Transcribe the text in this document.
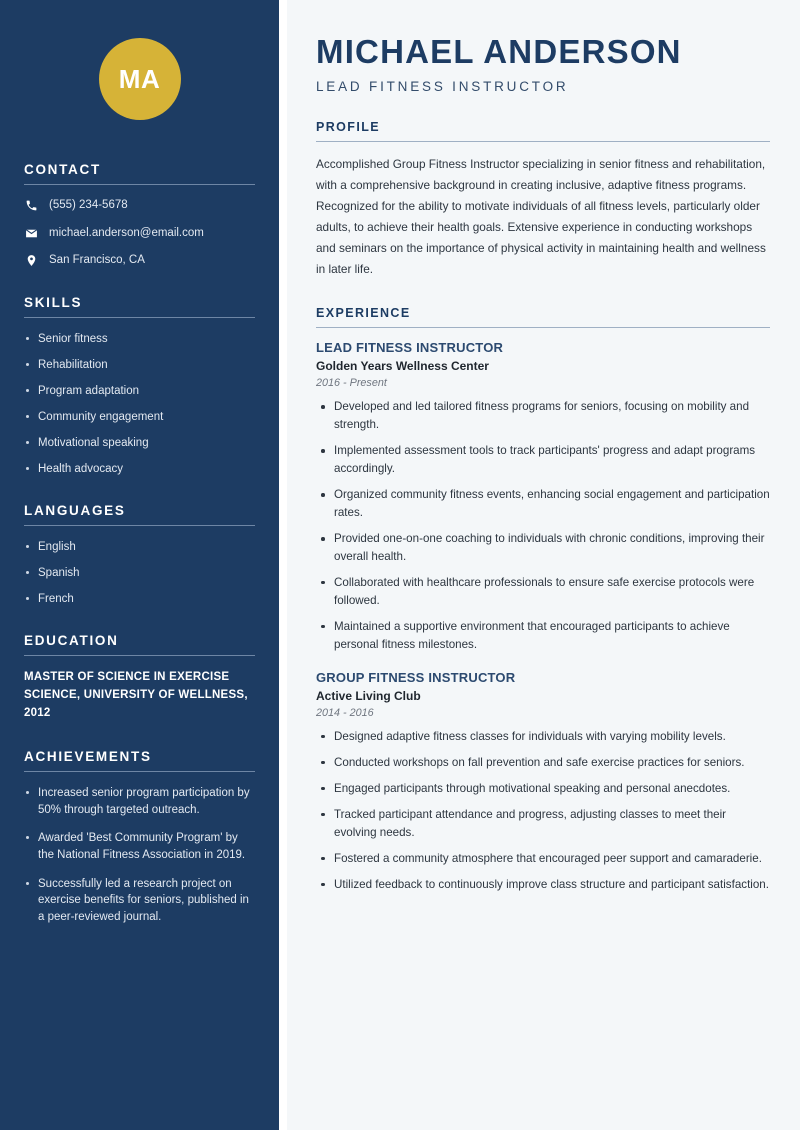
MA
CONTACT
(555) 234-5678
michael.anderson@email.com
San Francisco, CA
SKILLS
Senior fitness
Rehabilitation
Program adaptation
Community engagement
Motivational speaking
Health advocacy
LANGUAGES
English
Spanish
French
EDUCATION
MASTER OF SCIENCE IN EXERCISE SCIENCE, UNIVERSITY OF WELLNESS, 2012
ACHIEVEMENTS
Increased senior program participation by 50% through targeted outreach.
Awarded 'Best Community Program' by the National Fitness Association in 2019.
Successfully led a research project on exercise benefits for seniors, published in a peer-reviewed journal.
MICHAEL ANDERSON
LEAD FITNESS INSTRUCTOR
PROFILE

Accomplished Group Fitness Instructor specializing in senior fitness and rehabilitation, with a comprehensive background in creating inclusive, adaptive fitness programs. Recognized for the ability to motivate individuals of all fitness levels, particularly older adults, to achieve their health goals. Extensive experience in conducting workshops and seminars on the importance of physical activity in maintaining health and wellness in later life.

EXPERIENCE
LEAD FITNESS INSTRUCTOR
Golden Years Wellness Center
2016 - Present
Developed and led tailored fitness programs for seniors, focusing on mobility and strength.
Implemented assessment tools to track participants' progress and adapt programs accordingly.
Organized community fitness events, enhancing social engagement and participation rates.
Provided one-on-one coaching to individuals with chronic conditions, improving their overall health.
Collaborated with healthcare professionals to ensure safe exercise protocols were followed.
Maintained a supportive environment that encouraged participants to achieve personal fitness milestones.
GROUP FITNESS INSTRUCTOR
Active Living Club
2014 - 2016
Designed adaptive fitness classes for individuals with varying mobility levels.
Conducted workshops on fall prevention and safe exercise practices for seniors.
Engaged participants through motivational speaking and personal anecdotes.
Tracked participant attendance and progress, adjusting classes to meet their evolving needs.
Fostered a community atmosphere that encouraged peer support and camaraderie.
Utilized feedback to continuously improve class structure and participant satisfaction.
